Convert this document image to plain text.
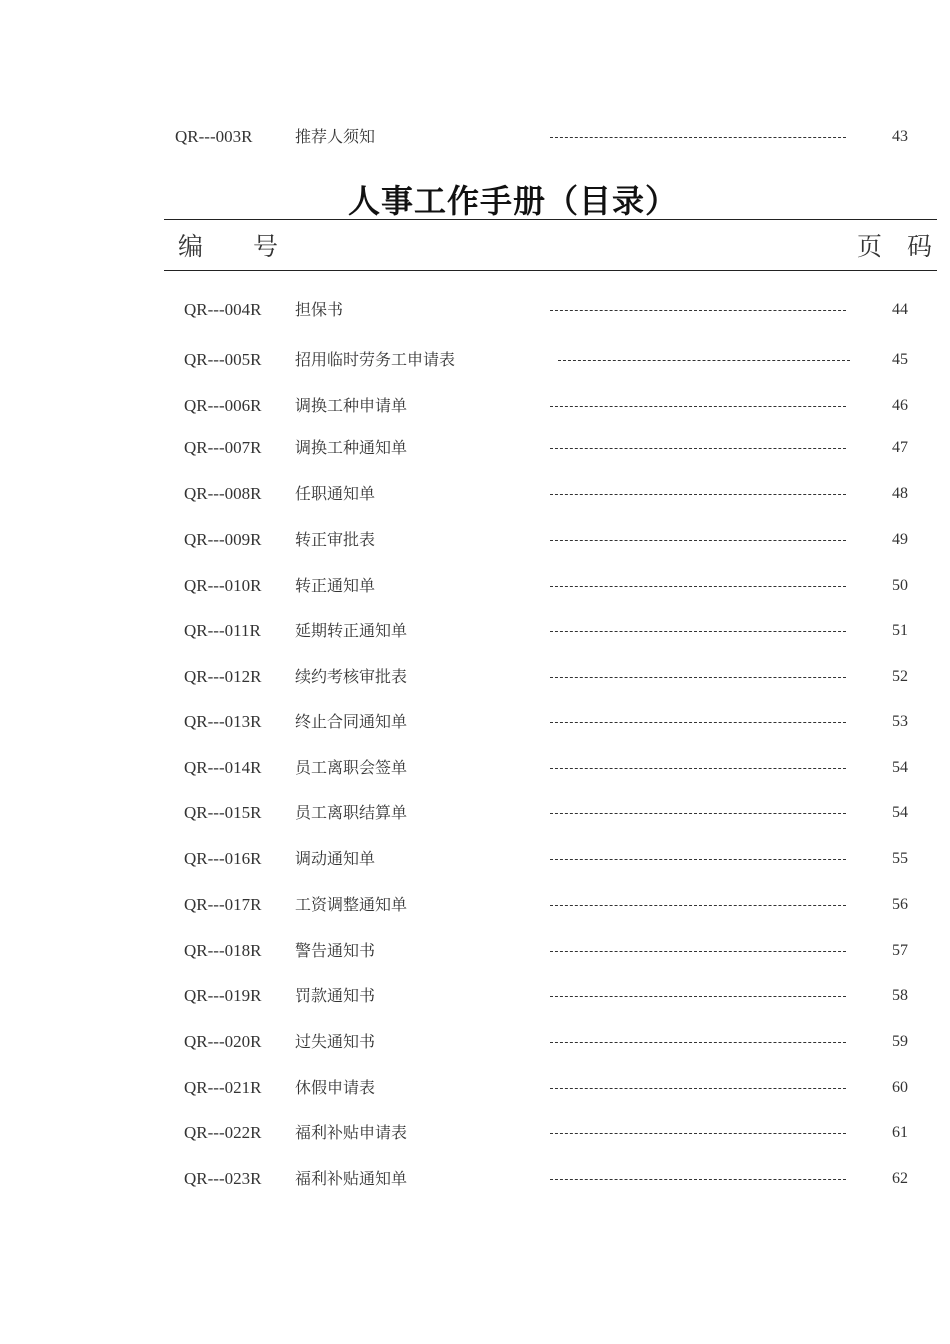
QR---003R	推荐人须知	43
人事工作手册（目录）
编　　号	页　码
QR---004R 担保书	44
QR---005R 招用临时劳务工申请表	45
QR---006R 调换工种申请单	46
QR---007R 调换工种通知单	47
QR---008R 任职通知单	48
QR---009R 转正审批表	49
QR---010R 转正通知单	50
QR---011R 延期转正通知单	51
QR---012R 续约考核审批表	52
QR---013R 终止合同通知单	53
QR---014R 员工离职会签单	54
QR---015R 员工离职结算单	54
QR---016R 调动通知单	55
QR---017R 工资调整通知单	56
QR---018R 警告通知书	57
QR---019R 罚款通知书	58
QR---020R 过失通知书	59
QR---021R 休假申请表	60
QR---022R 福利补贴申请表	61
QR---023R 福利补贴通知单	62
